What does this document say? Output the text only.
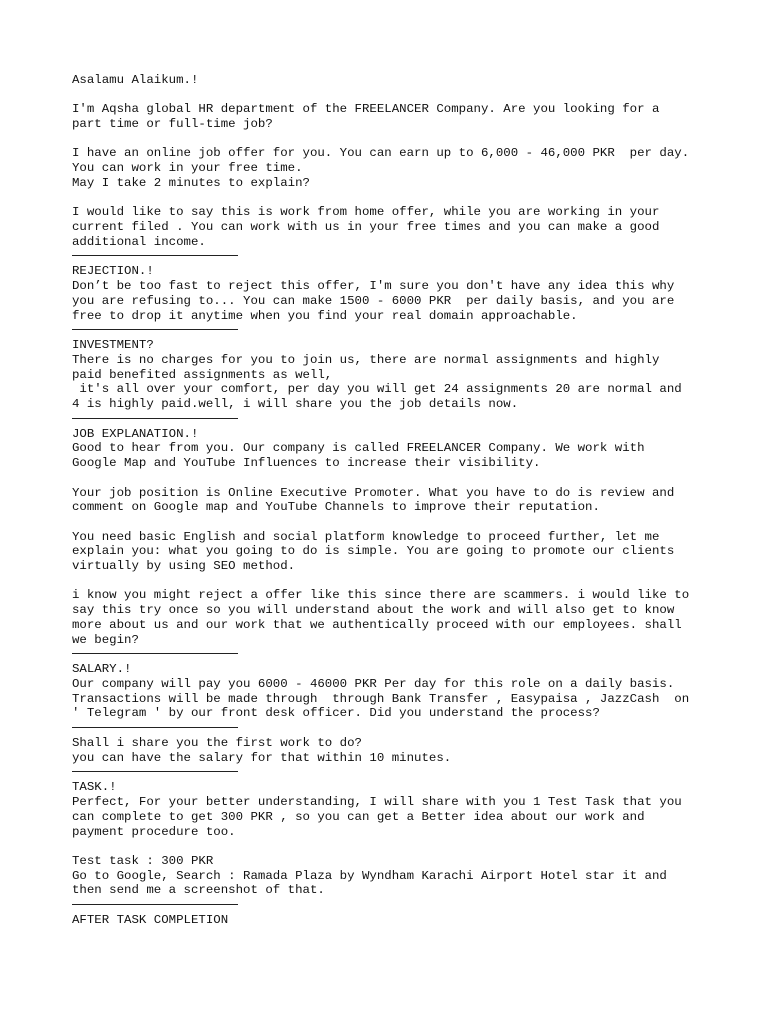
Asalamu Alaikum.!
I'm Aqsha global HR department of the FREELANCER Company. Are you looking for a
part time or full-time job?
I have an online job offer for you. You can earn up to 6,000 - 46,000 PKR  per day.
You can work in your free time.
May I take 2 minutes to explain?
I would like to say this is work from home offer, while you are working in your
current filed . You can work with us in your free times and you can make a good
additional income.
REJECTION.!
Don’t be too fast to reject this offer, I'm sure you don't have any idea this why
you are refusing to... You can make 1500 - 6000 PKR  per daily basis, and you are
free to drop it anytime when you find your real domain approachable.
INVESTMENT?
There is no charges for you to join us, there are normal assignments and highly
paid benefited assignments as well,
it's all over your comfort, per day you will get 24 assignments 20 are normal and
4 is highly paid.well, i will share you the job details now.
JOB EXPLANATION.!
Good to hear from you. Our company is called FREELANCER Company. We work with
Google Map and YouTube Influences to increase their visibility.
Your job position is Online Executive Promoter. What you have to do is review and
comment on Google map and YouTube Channels to improve their reputation.
You need basic English and social platform knowledge to proceed further, let me
explain you: what you going to do is simple. You are going to promote our clients
virtually by using SEO method.
i know you might reject a offer like this since there are scammers. i would like to
say this try once so you will understand about the work and will also get to know
more about us and our work that we authentically proceed with our employees. shall
we begin?
SALARY.!
Our company will pay you 6000 - 46000 PKR Per day for this role on a daily basis.
Transactions will be made through  through Bank Transfer , Easypaisa , JazzCash  on
' Telegram ' by our front desk officer. Did you understand the process?
Shall i share you the first work to do?
you can have the salary for that within 10 minutes.
TASK.!
Perfect, For your better understanding, I will share with you 1 Test Task that you
can complete to get 300 PKR , so you can get a Better idea about our work and
payment procedure too.
Test task : 300 PKR
Go to Google, Search : Ramada Plaza by Wyndham Karachi Airport Hotel star it and
then send me a screenshot of that.
AFTER TASK COMPLETION
